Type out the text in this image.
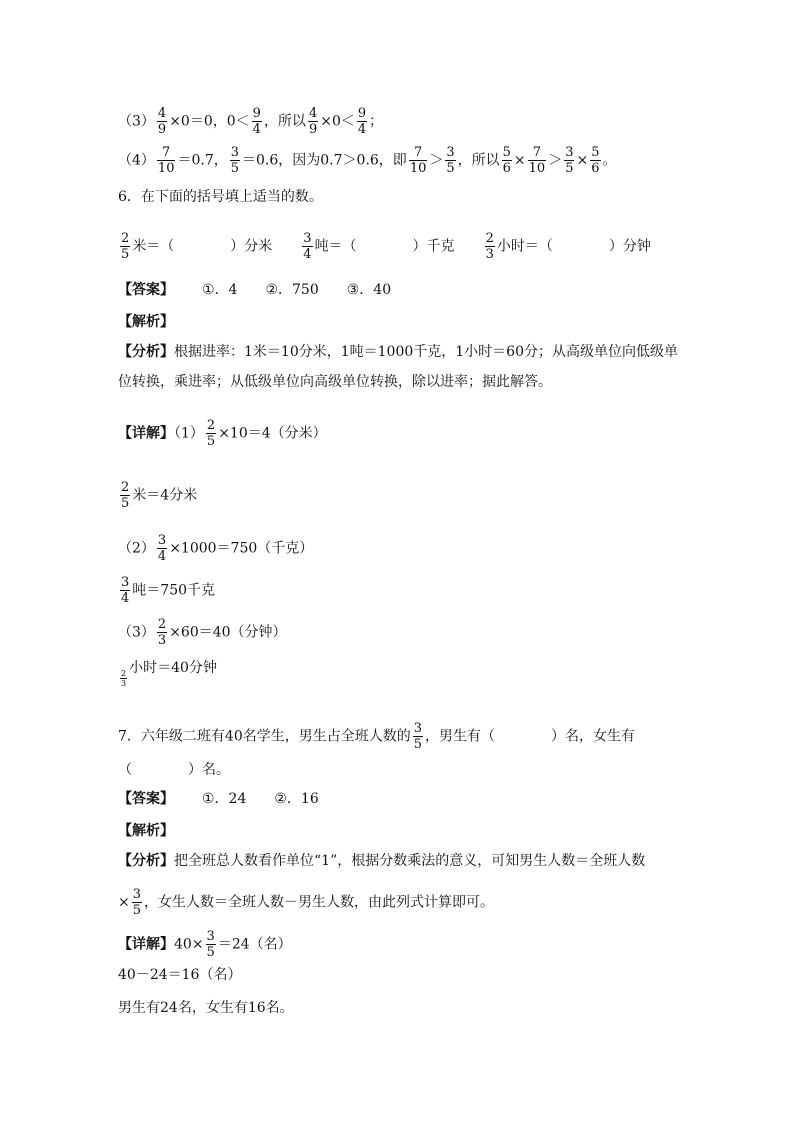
$(3) \frac{4}{9} \times 0=0$，$0< \frac{9}{4}$ ，所以 $\frac{4}{9} \times 0< \frac{9}{4}$ ；
$(4) \frac{7}{10} =0.7$， $\frac{3}{5} =0.6$，因为0.7＞0.6，即 $\frac{7}{10} > \frac{3}{5}$ ，所以 $\frac{5}{6} \times \frac{7}{10} > \frac{3}{5} \times \frac{5}{6}$ 。
6．在下面的括号填上适当的数。
$\frac{2}{5}$ 米＝（　　　　）分米 $\frac{3}{4}$ 吨＝（　　　　）千克 $\frac{2}{3}$ 小时＝（　　　　）分钟
【答案】 ①．4 ②．750 ③．40
【解析】
【分析】根据进率：1米＝10分米，1吨＝1000千克，1小时＝60分；从高级单位向低级单
位转换，乘进率；从低级单位向高级单位转换，除以进率；据此解答。
【详解】$(1) \frac{2}{5} \times 10=4$（分米）
$\frac{2}{5}$ 米＝4分米
$(2) \frac{3}{4} \times 1000=750$（千克）
$\frac{3}{4}$ 吨＝750千克
$(3) \frac{2}{3} \times 60=40$（分钟）
$\frac{2}{3}$
小时＝40分钟
7．六年级二班有40名学生，男生占全班人数的 $\frac{3}{5}$ ，男生有（　　　　）名，女生有
（　　　　）名。
【答案】 ①．24 ②．16
【解析】
【分析】把全班总人数看作单位“1”，根据分数乘法的意义，可知男生人数＝全班人数
× $\frac{3}{5}$ ，女生人数＝全班人数－男生人数，由此列式计算即可。
【详解】$40\times \frac{3}{5} =24$（名）
40－24＝16（名）
男生有24名，女生有16名。
